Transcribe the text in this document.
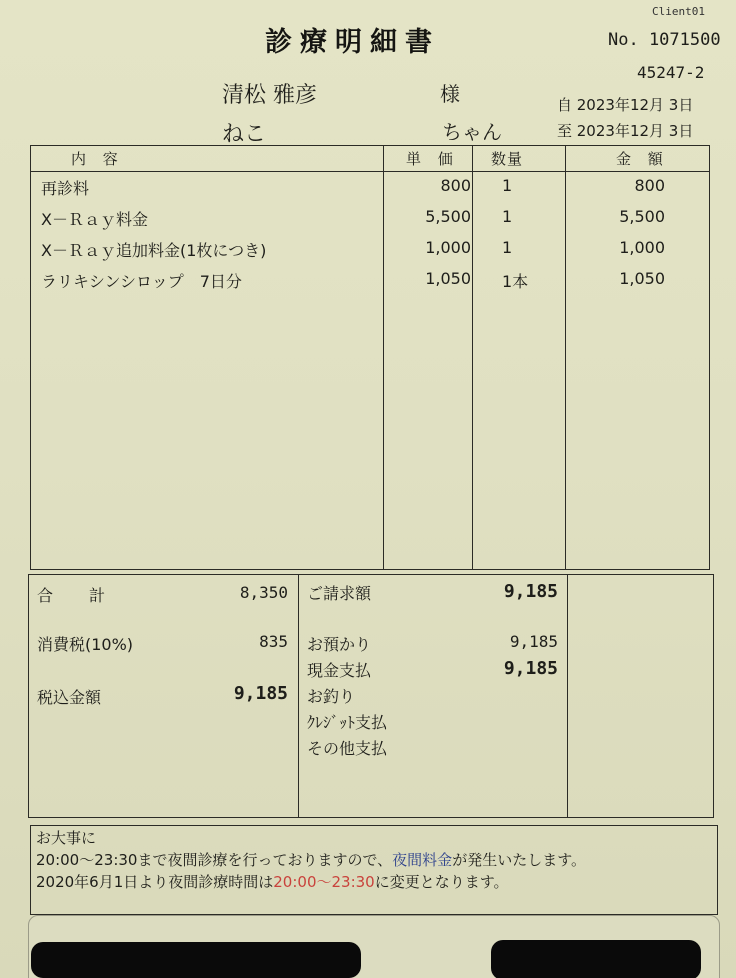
Client01
診療明細書	No. 1071500
45247-2
清松 雅彦	様
ねこ	ちゃん
自 2023年12月 3日
至 2023年12月 3日
内 容	単 価 数量	金 額
再診料	800 1	800
X－Ｒａｙ料金	5,500 1	5,500
X－Ｒａｙ追加料金(1枚につき)	1,000 1	1,000
ラリキシンシロップ　7日分	1,050 1本	1,050
合　計	8,350
消費税(10%)	835
税込金額	9,185
ご請求額	9,185
お預かり	9,185
現金支払	9,185
お釣り
ｸﾚｼﾞｯﾄ支払
その他支払
お大事に
20:00～23:30まで夜間診療を行っておりますので、夜間料金が発生いたします。
2020年6月1日より夜間診療時間は20:00～23:30に変更となります。
